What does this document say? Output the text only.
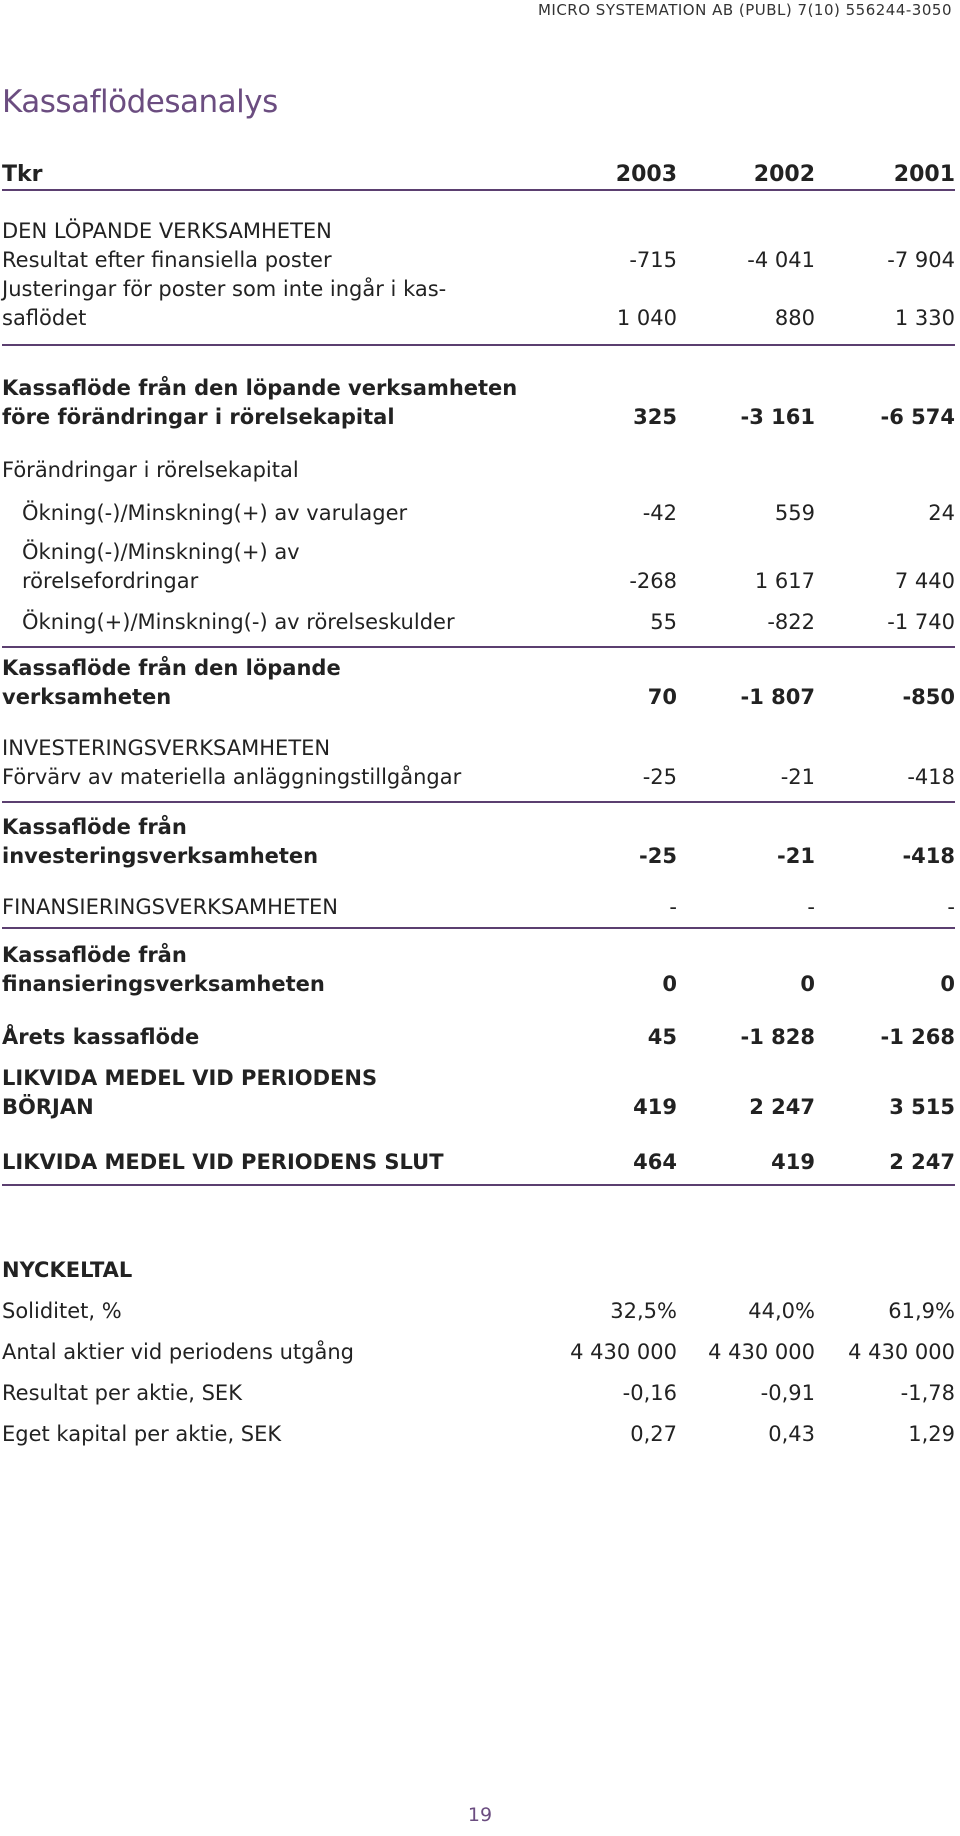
MICRO SYSTEMATION AB (PUBL) 7(10) 556244-3050
Kassaflödesanalys
Tkr	2003	2002	2001

DEN LÖPANDE VERKSAMHETEN			
Resultat efter finansiella poster	-715	-4 041	-7 904
Justeringar för poster som inte ingår i kas-			
saflödet	1 040	880	1 330

Kassaflöde från den löpande verksamheten			
före förändringar i rörelsekapital	325	-3 161	-6 574

Förändringar i rörelsekapital			

Ökning(-)/Minskning(+) av varulager	-42	559	24

Ökning(-)/Minskning(+) av			
rörelsefordringar	-268	1 617	7 440

Ökning(+)/Minskning(-) av rörelseskulder	55	-822	-1 740

Kassaflöde från den löpande verksamheten	70	-1 807	-850

INVESTERINGSVERKSAMHETEN			
Förvärv av materiella anläggningstillgångar	-25	-21	-418

Kassaflöde från investeringsverksamheten	-25	-21	-418

FINANSIERINGSVERKSAMHETEN	-	-	-

Kassaflöde från finansieringsverksamheten	0	0	0

Årets kassaflöde	45	-1 828	-1 268

LIKVIDA MEDEL VID PERIODENS			
BÖRJAN	419	2 247	3 515

LIKVIDA MEDEL VID PERIODENS SLUT	464	419	2 247
NYCKELTAL			
Soliditet, %	32,5%	44,0%	61,9%
Antal aktier vid periodens utgång	4 430 000	4 430 000	4 430 000
Resultat per aktie, SEK	-0,16	-0,91	-1,78
Eget kapital per aktie, SEK	0,27	0,43	1,29
19
